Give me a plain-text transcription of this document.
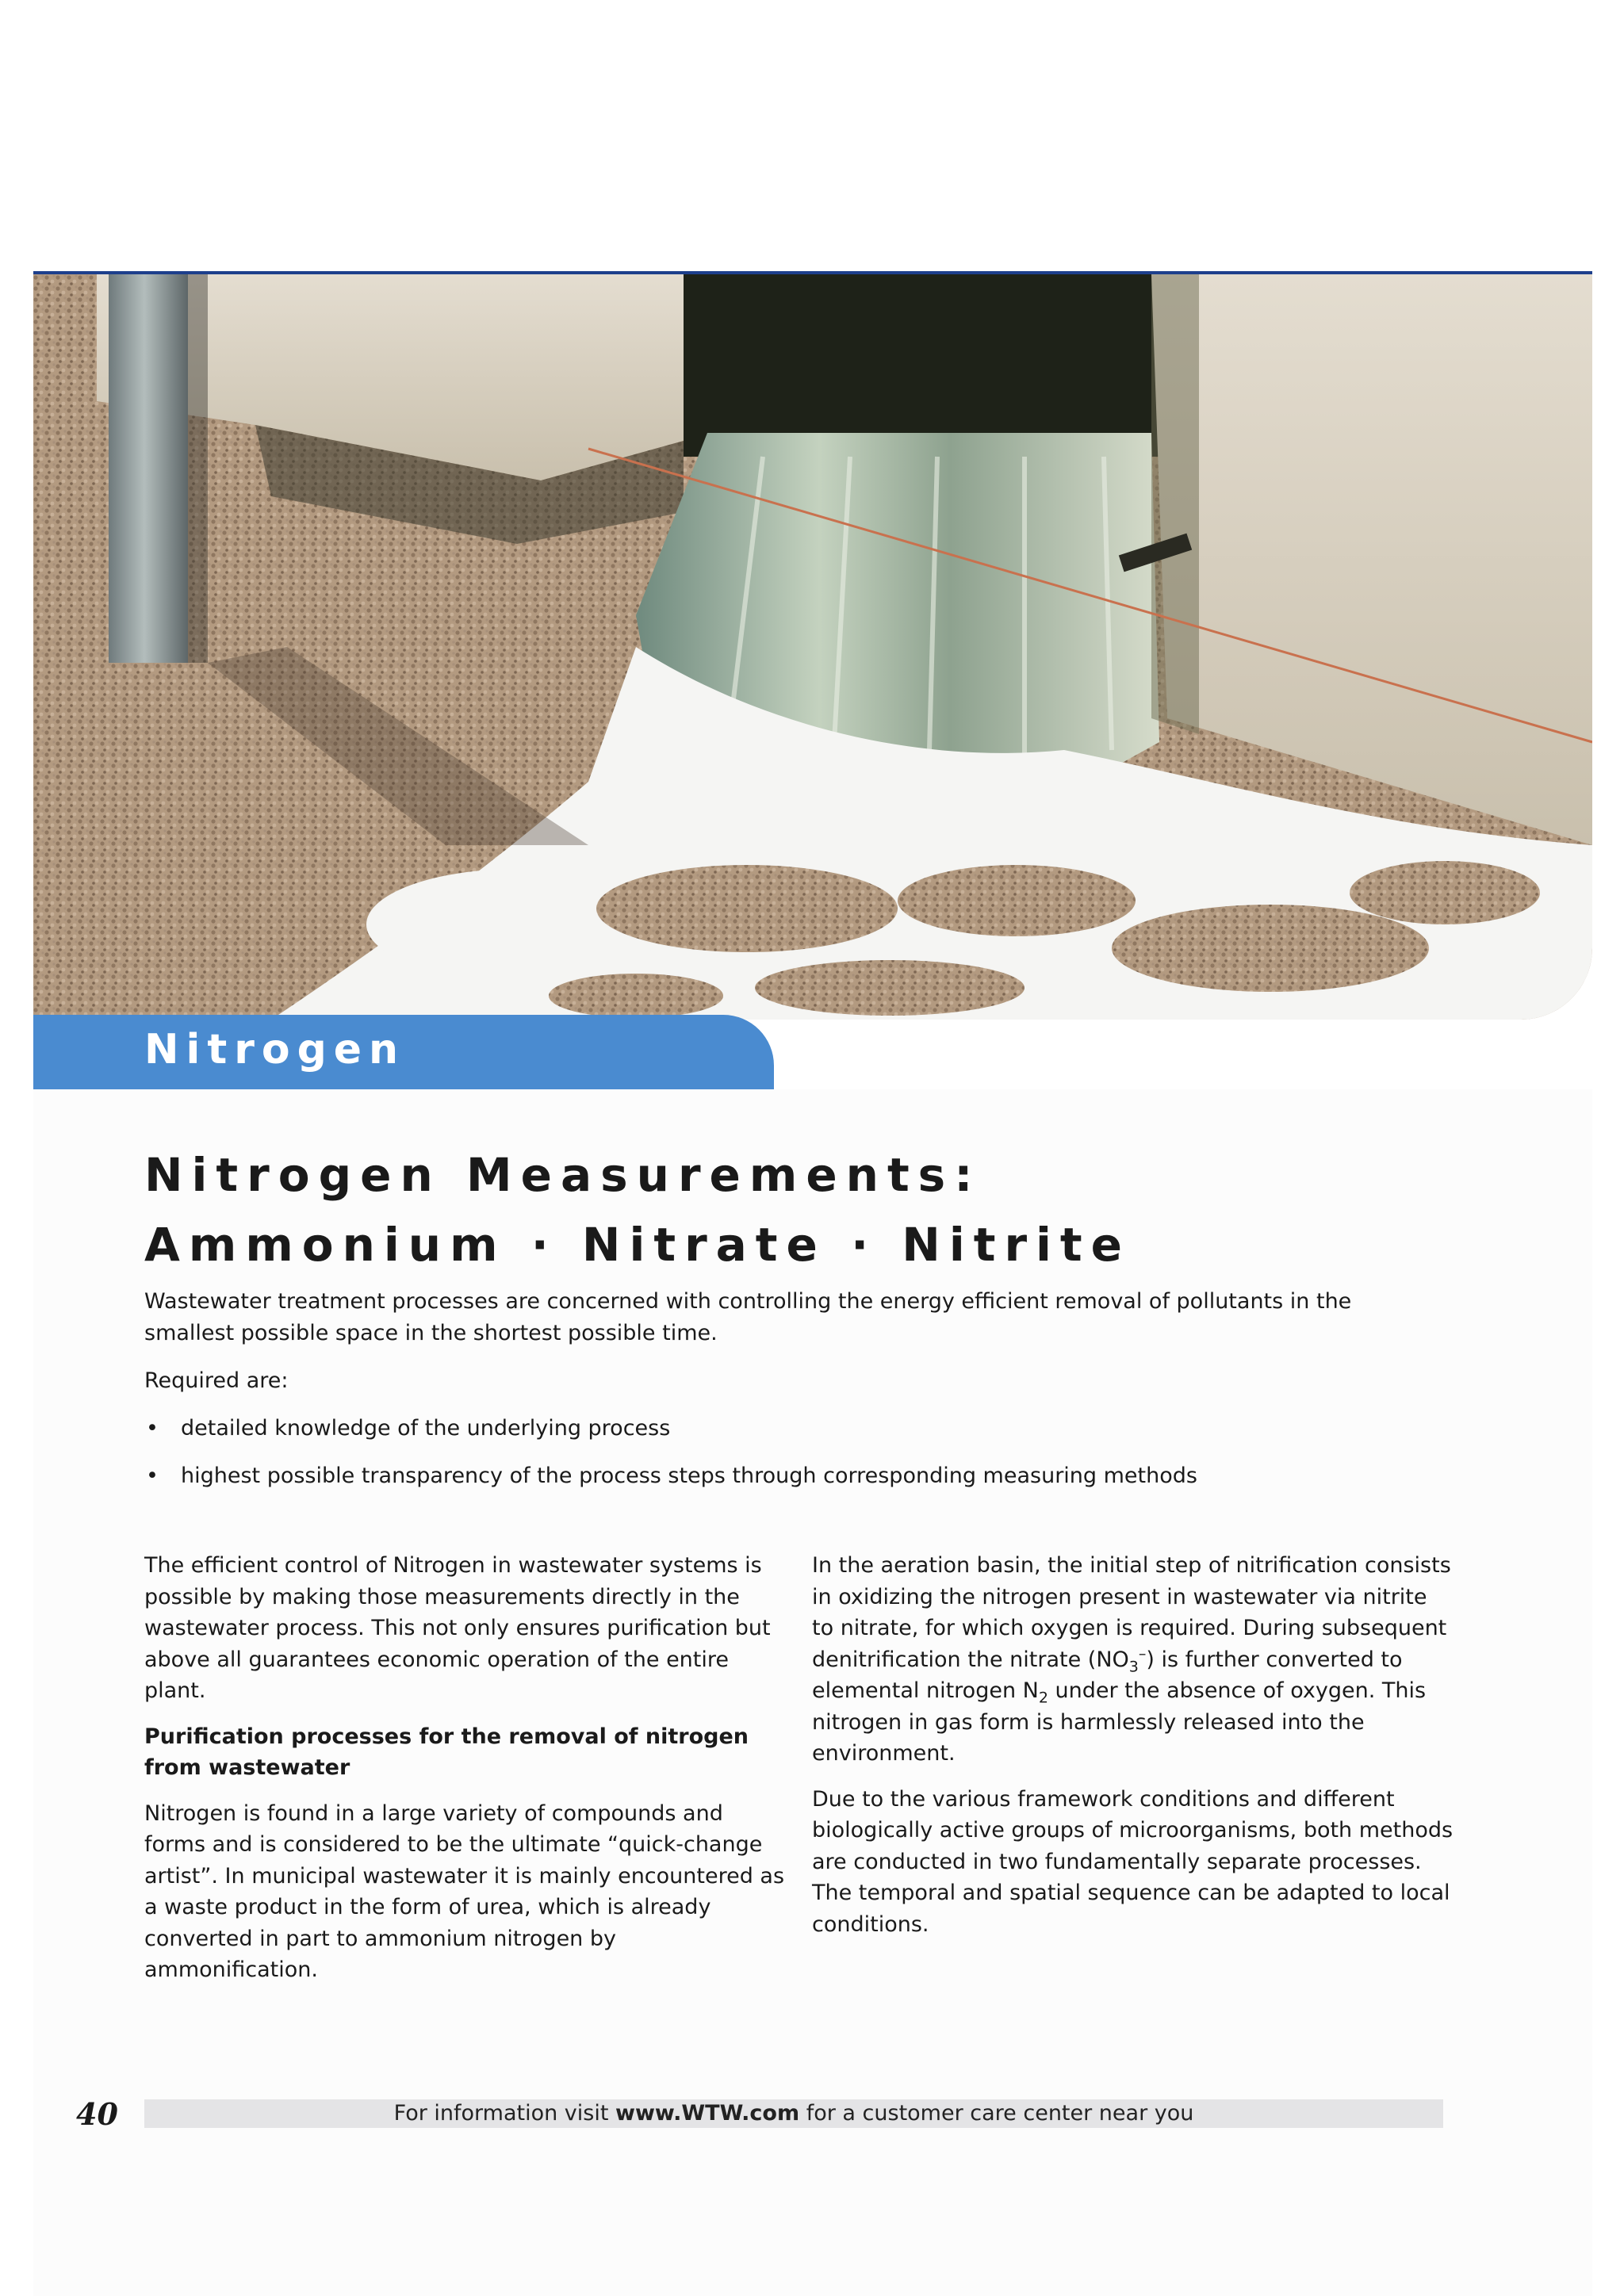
Nitrogen
Nitrogen Measurements:
Ammonium · Nitrate · Nitrite

Wastewater treatment processes are concerned with controlling the energy efficient removal of pollutants in the smallest possible space in the shortest possible time.

Required are:

• detailed knowledge of the underlying process
• highest possible transparency of the process steps through corresponding measuring methods

The efficient control of Nitrogen in wastewater systems is possible by making those measurements directly in the wastewater process. This not only ensures purification but above all guarantees economic operation of the entire plant.

Purification processes for the removal of nitrogen from wastewater

Nitrogen is found in a large variety of compounds and forms and is considered to be the ultimate “quick-change artist”. In municipal wastewater it is mainly encountered as a waste product in the form of urea, which is already converted in part to ammonium nitrogen by ammonification.

In the aeration basin, the initial step of nitrification consists in oxidizing the nitrogen present in wastewater via nitrite to nitrate, for which oxygen is required. During subsequent denitrification the nitrate $(NO_3^-)$ is further converted to elemental nitrogen $N_2$ under the absence of oxygen. This nitrogen in gas form is harmlessly released into the environment.

Due to the various framework conditions and different biologically active groups of microorganisms, both methods are conducted in two fundamentally separate processes. The temporal and spatial sequence can be adapted to local conditions.

40	For information visit www.WTW.com for a customer care center near you
